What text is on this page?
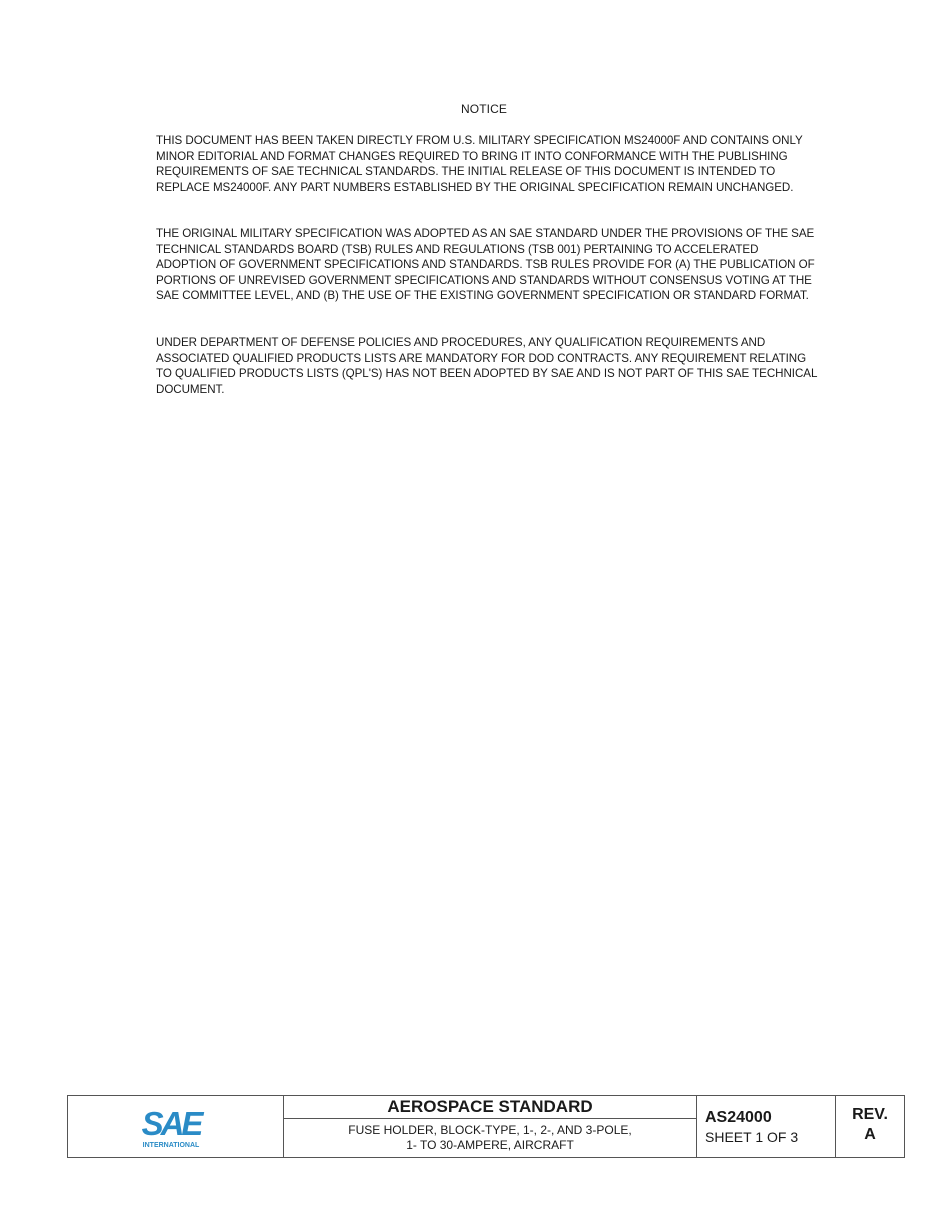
NOTICE

THIS DOCUMENT HAS BEEN TAKEN DIRECTLY FROM U.S. MILITARY SPECIFICATION MS24000F AND CONTAINS ONLY MINOR EDITORIAL AND FORMAT CHANGES REQUIRED TO BRING IT INTO CONFORMANCE WITH THE PUBLISHING REQUIREMENTS OF SAE TECHNICAL STANDARDS. THE INITIAL RELEASE OF THIS DOCUMENT IS INTENDED TO REPLACE MS24000F. ANY PART NUMBERS ESTABLISHED BY THE ORIGINAL SPECIFICATION REMAIN UNCHANGED.

THE ORIGINAL MILITARY SPECIFICATION WAS ADOPTED AS AN SAE STANDARD UNDER THE PROVISIONS OF THE SAE TECHNICAL STANDARDS BOARD (TSB) RULES AND REGULATIONS (TSB 001) PERTAINING TO ACCELERATED ADOPTION OF GOVERNMENT SPECIFICATIONS AND STANDARDS. TSB RULES PROVIDE FOR (A) THE PUBLICATION OF PORTIONS OF UNREVISED GOVERNMENT SPECIFICATIONS AND STANDARDS WITHOUT CONSENSUS VOTING AT THE SAE COMMITTEE LEVEL, AND (B) THE USE OF THE EXISTING GOVERNMENT SPECIFICATION OR STANDARD FORMAT.

UNDER DEPARTMENT OF DEFENSE POLICIES AND PROCEDURES, ANY QUALIFICATION REQUIREMENTS AND ASSOCIATED QUALIFIED PRODUCTS LISTS ARE MANDATORY FOR DOD CONTRACTS. ANY REQUIREMENT RELATING TO QUALIFIED PRODUCTS LISTS (QPL'S) HAS NOT BEEN ADOPTED BY SAE AND IS NOT PART OF THIS SAE TECHNICAL DOCUMENT.

SAE
INTERNATIONAL
AEROSPACE STANDARD
FUSE HOLDER, BLOCK-TYPE, 1-, 2-, AND 3-POLE,
1- TO 30-AMPERE, AIRCRAFT
AS24000
SHEET 1 OF 3
REV.
A
